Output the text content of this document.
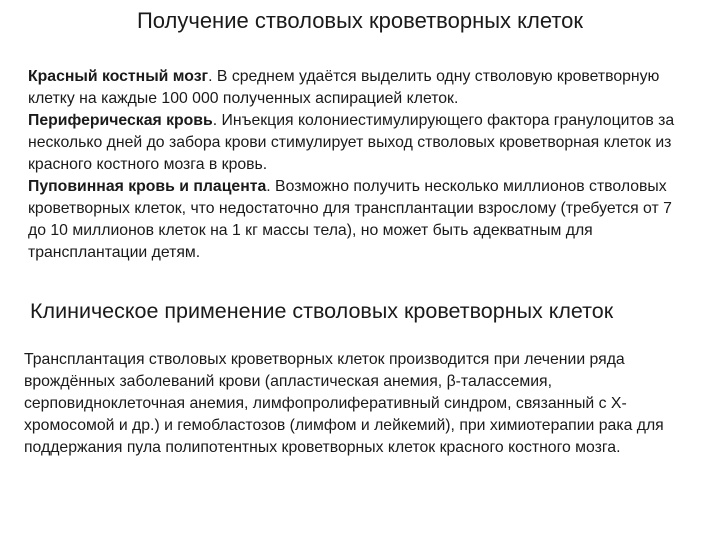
Получение стволовых кроветворных клеток

Красный костный мозг. В среднем удаётся выделить одну стволовую кроветворную клетку на каждые 100 000 полученных аспирацией клеток.

Периферическая кровь. Инъекция колониестимулирующего фактора гранулоцитов за несколько дней до забора крови стимулирует выход стволовых кроветворная клеток из красного костного мозга в кровь.

Пуповинная кровь и плацента. Возможно получить несколько миллионов стволовых кроветворных клеток, что недостаточно для трансплантации взрослому (требуется от 7 до 10 миллионов клеток на 1 кг массы тела), но может быть адекватным для трансплантации детям.

Клиническое применение стволовых кроветворных клеток

Трансплантация стволовых кроветворных клеток производится при лечении ряда врождённых заболеваний крови (апластическая анемия, β-талассемия, серповидноклеточная анемия, лимфопролиферативный синдром, связанный с X-хромосомой и др.) и гемобластозов (лимфом и лейкемий), при химиотерапии рака для поддержания пула полипотентных кроветворных клеток красного костного мозга.
